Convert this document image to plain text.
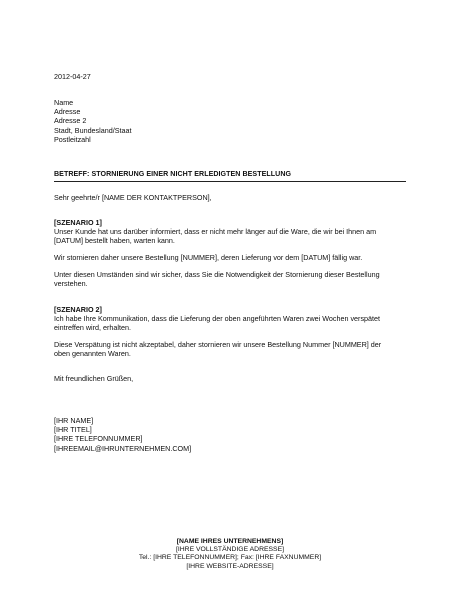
2012-04-27
Name
Adresse
Adresse 2
Stadt, Bundesland/Staat
Postleitzahl
BETREFF: STORNIERUNG EINER NICHT ERLEDIGTEN BESTELLUNG
Sehr geehrte/r [NAME DER KONTAKTPERSON],
[SZENARIO 1]
Unser Kunde hat uns darüber informiert, dass er nicht mehr länger auf die Ware, die wir bei Ihnen am
[DATUM] bestellt haben, warten kann.
Wir stornieren daher unsere Bestellung [NUMMER], deren Lieferung vor dem [DATUM] fällig war.
Unter diesen Umständen sind wir sicher, dass Sie die Notwendigkeit der Stornierung dieser Bestellung
verstehen.
[SZENARIO 2]
Ich habe Ihre Kommunikation, dass die Lieferung der oben angeführten Waren zwei Wochen verspätet
eintreffen wird, erhalten.
Diese Verspätung ist nicht akzeptabel, daher stornieren wir unsere Bestellung Nummer [NUMMER] der
oben genannten Waren.
Mit freundlichen Grüßen,
[IHR NAME]
[IHR TITEL]
[IHRE TELEFONNUMMER]
[IHREEMAIL@IHRUNTERNEHMEN.COM]
[NAME IHRES UNTERNEHMENS]
[IHRE VOLLSTÄNDIGE ADRESSE]
Tel.: [IHRE TELEFONNUMMER]; Fax: [IHRE FAXNUMMER]
[IHRE WEBSITE-ADRESSE]
